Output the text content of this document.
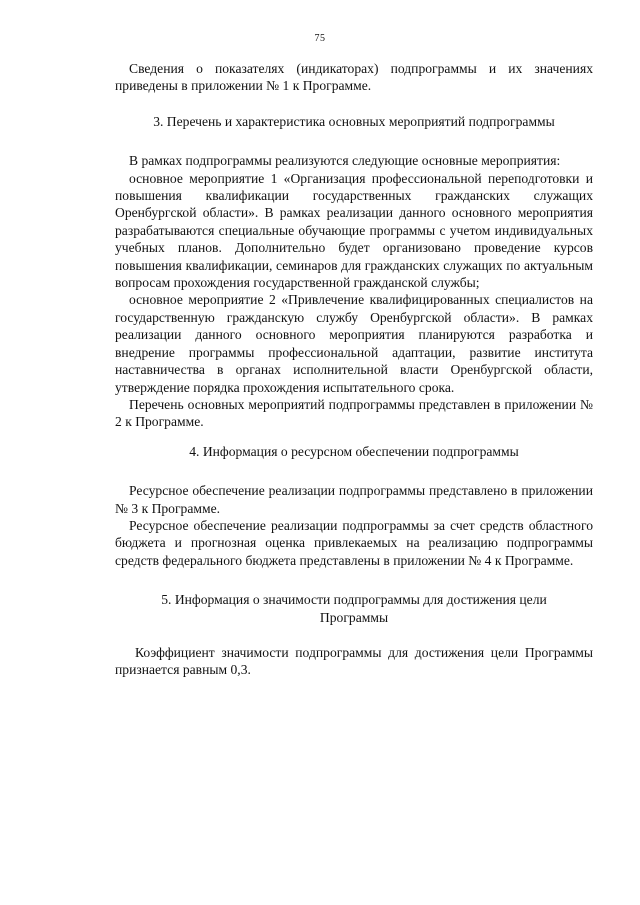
75

Сведения о показателях (индикаторах) подпрограммы и их значениях приведены в приложении № 1 к Программе.

3. Перечень и характеристика основных мероприятий подпрограммы

В рамках подпрограммы реализуются следующие основные мероприятия:

основное мероприятие 1 «Организация профессиональной переподготовки и повышения квалификации государственных гражданских служащих Оренбургской области». В рамках реализации данного основного мероприятия разрабатываются специальные обучающие программы с учетом индивидуальных учебных планов. Дополнительно будет организовано проведение курсов повышения квалификации, семинаров для гражданских служащих по актуальным вопросам прохождения государственной гражданской службы;

основное мероприятие 2 «Привлечение квалифицированных специалистов на государственную гражданскую службу Оренбургской области». В рамках реализации данного основного мероприятия планируются разработка и внедрение программы профессиональной адаптации, развитие института наставничества в органах исполнительной власти Оренбургской области, утверждение порядка прохождения испытательного срока.

Перечень основных мероприятий подпрограммы представлен в приложении № 2 к Программе.

4. Информация о ресурсном обеспечении подпрограммы

Ресурсное обеспечение реализации подпрограммы представлено в приложении № 3 к Программе.

Ресурсное обеспечение реализации подпрограммы за счет средств областного бюджета и прогнозная оценка привлекаемых на реализацию подпрограммы средств федерального бюджета представлены в приложении № 4 к Программе.

5. Информация о значимости подпрограммы для достижения цели

Программы

Коэффициент значимости подпрограммы для достижения цели Программы признается равным 0,3.
